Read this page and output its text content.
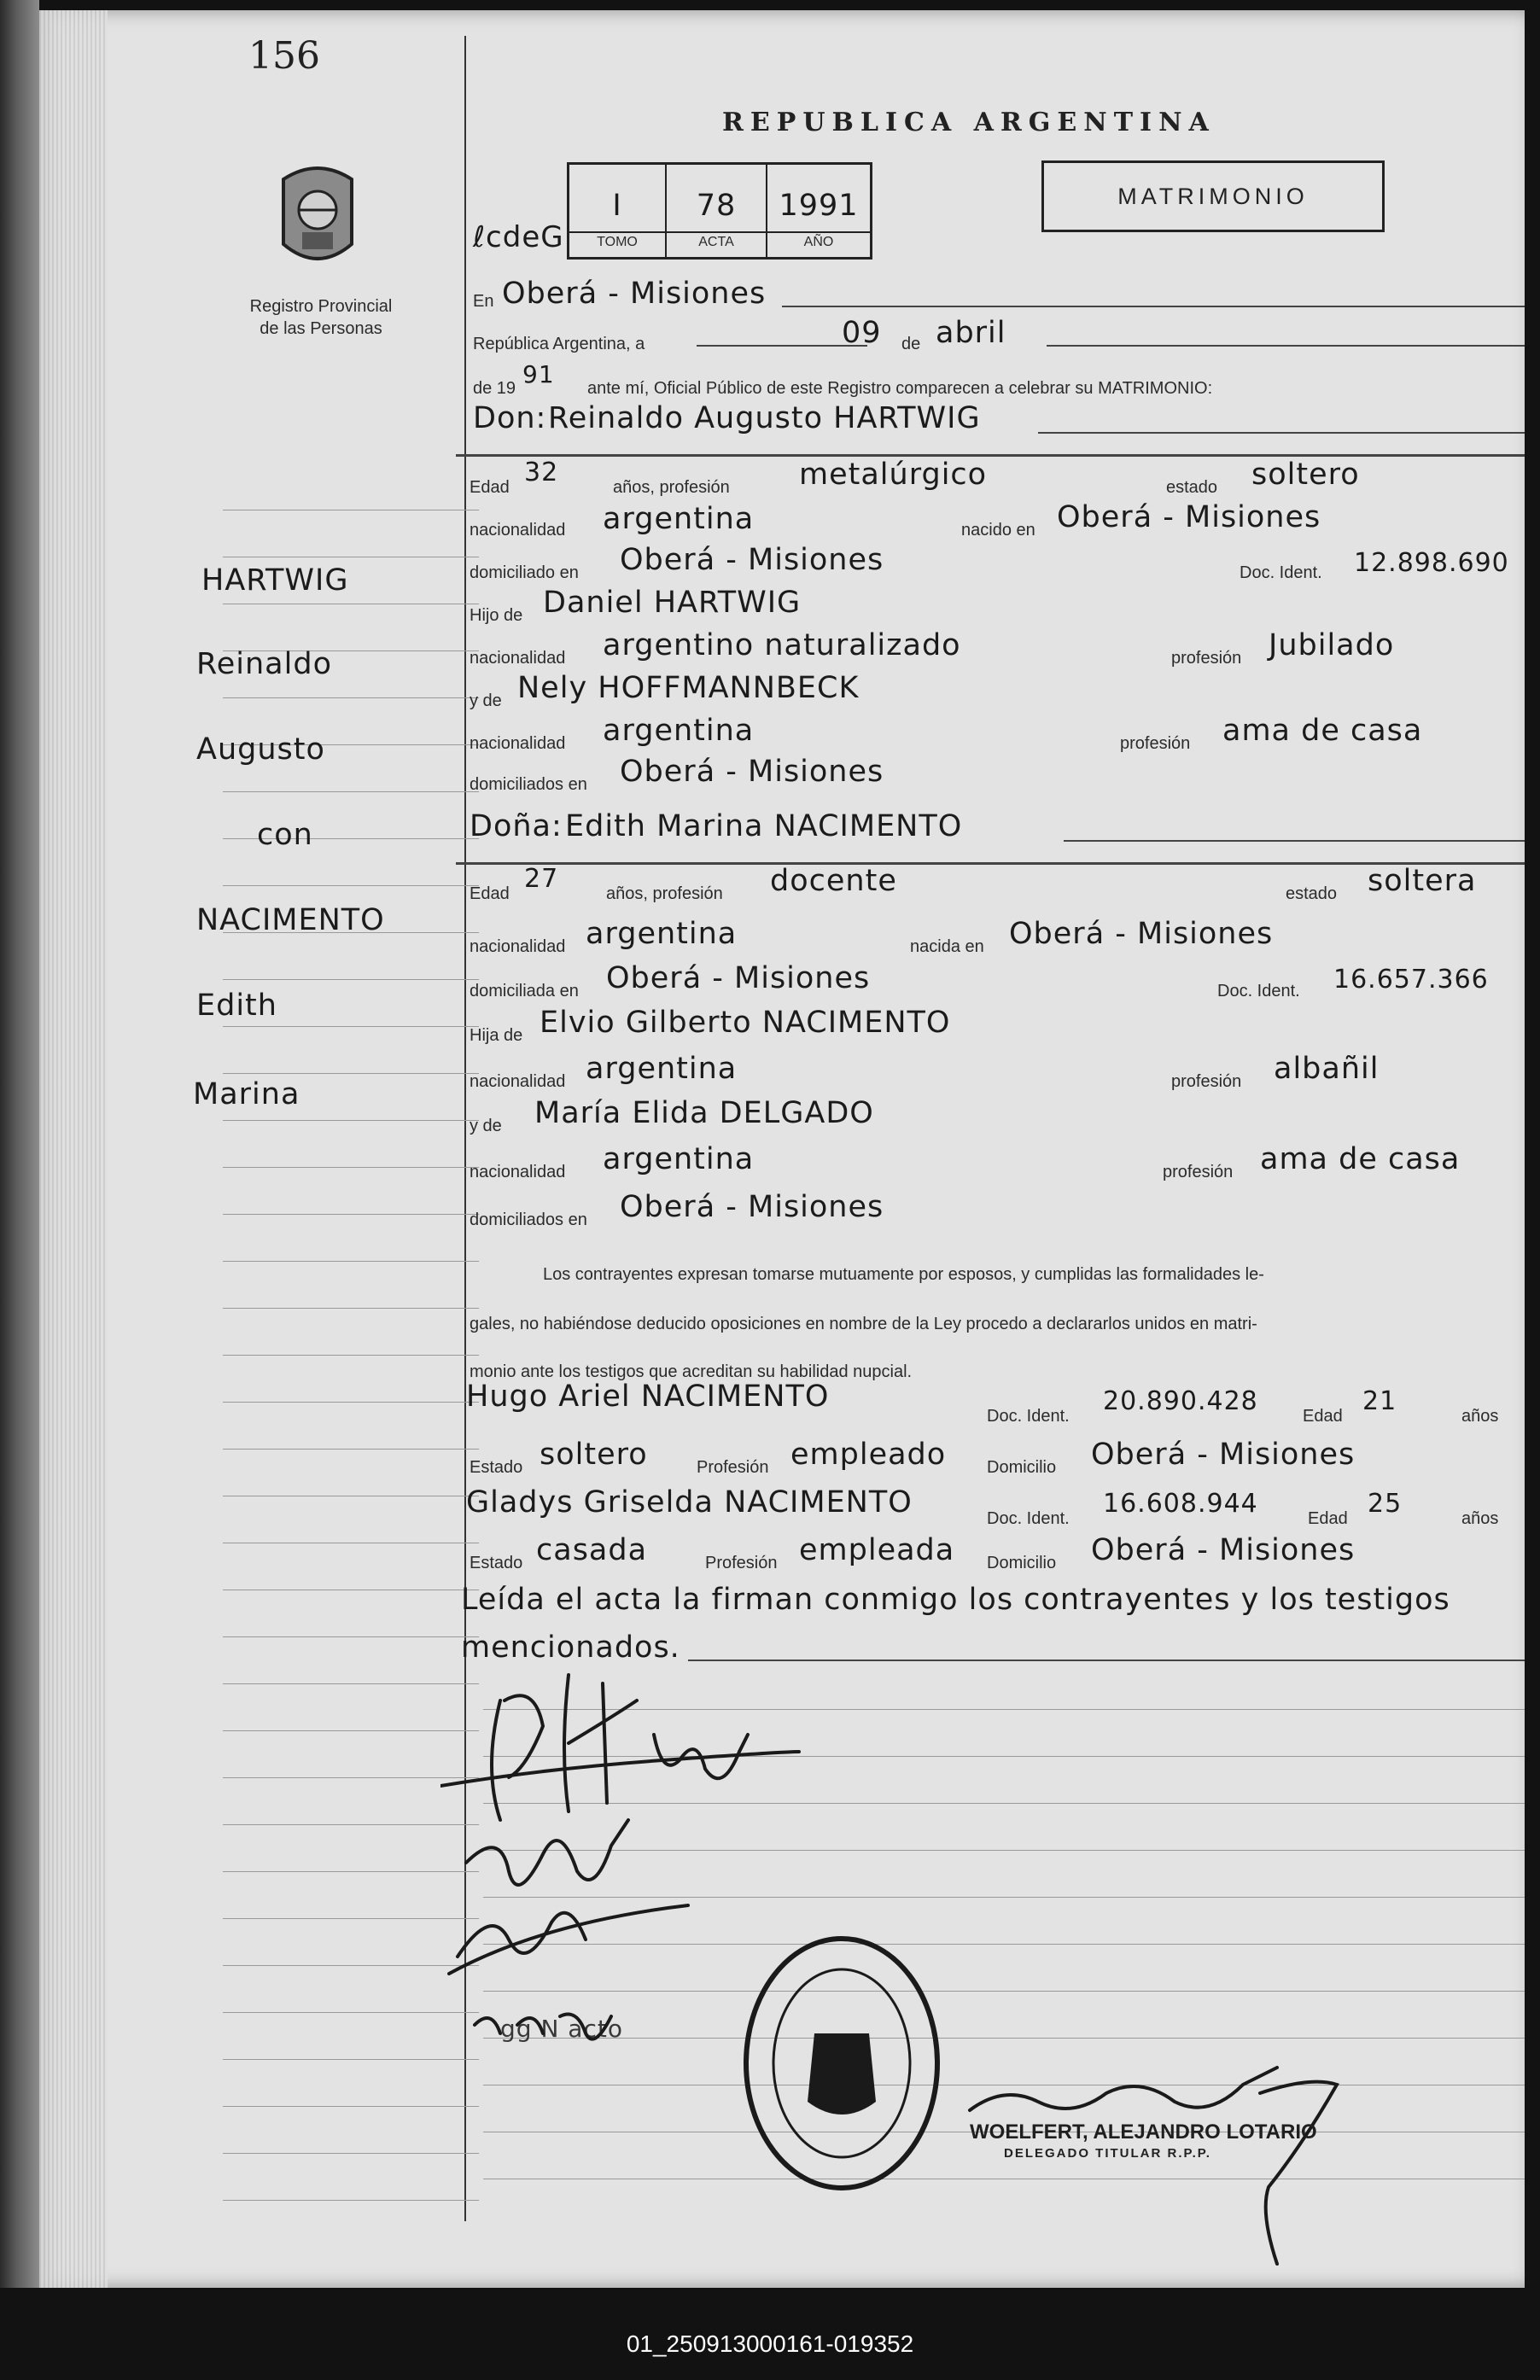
156
Registro Provincial
de las Personas
REPUBLICA ARGENTINA
MATRIMONIO
ℓcdeG
I	78	1991
TOMO	ACTA	AÑO
HARTWIG
Reinaldo
Augusto
con
NACIMENTO
Edith
Marina
En Oberá - Misiones
República Argentina, a	09 de abril
de 19 91 ante mí, Oficial Público de este Registro comparecen a celebrar su MATRIMONIO:
Don: Reinaldo Augusto HARTWIG
Edad 32	años, profesión metalúrgico	estado soltero
nacionalidad argentina	nacido en Oberá - Misiones
domiciliado en Oberá - Misiones	Doc. Ident. 12.898.690
Hijo de Daniel HARTWIG
nacionalidad argentino naturalizado	profesión Jubilado
y de Nely HOFFMANNBECK
nacionalidad argentina	profesión ama de casa
domiciliados en Oberá - Misiones
Doña: Edith Marina NACIMENTO
Edad 27	años, profesión docente	estado soltera
nacionalidad argentina	nacida en Oberá - Misiones
domiciliada en Oberá - Misiones	Doc. Ident. 16.657.366
Hija de Elvio Gilberto NACIMENTO
nacionalidad argentina	profesión albañil
y de María Elida DELGADO
nacionalidad argentina	profesión ama de casa
domiciliados en Oberá - Misiones
Los contrayentes expresan tomarse mutuamente por esposos, y cumplidas las formalidades le-
gales, no habiéndose deducido oposiciones en nombre de la Ley procedo a declararlos unidos en matri-
monio ante los testigos que acreditan su habilidad nupcial.
Hugo Ariel NACIMENTO
Doc. Ident. 20.890.428	Edad 21	años
Estado soltero	Profesión empleado Domicilio Oberá - Misiones
Gladys Griselda NACIMENTO	Doc. Ident. 16.608.944	Edad 25	años
Estado casada	Profesión empleada Domicilio Oberá - Misiones
Leída el acta la firman conmigo los contrayentes y los testigos
mencionados.
gg N acto
WOELFERT, ALEJANDRO LOTARIO
DELEGADO TITULAR R.P.P.
01_250913000161-019352
